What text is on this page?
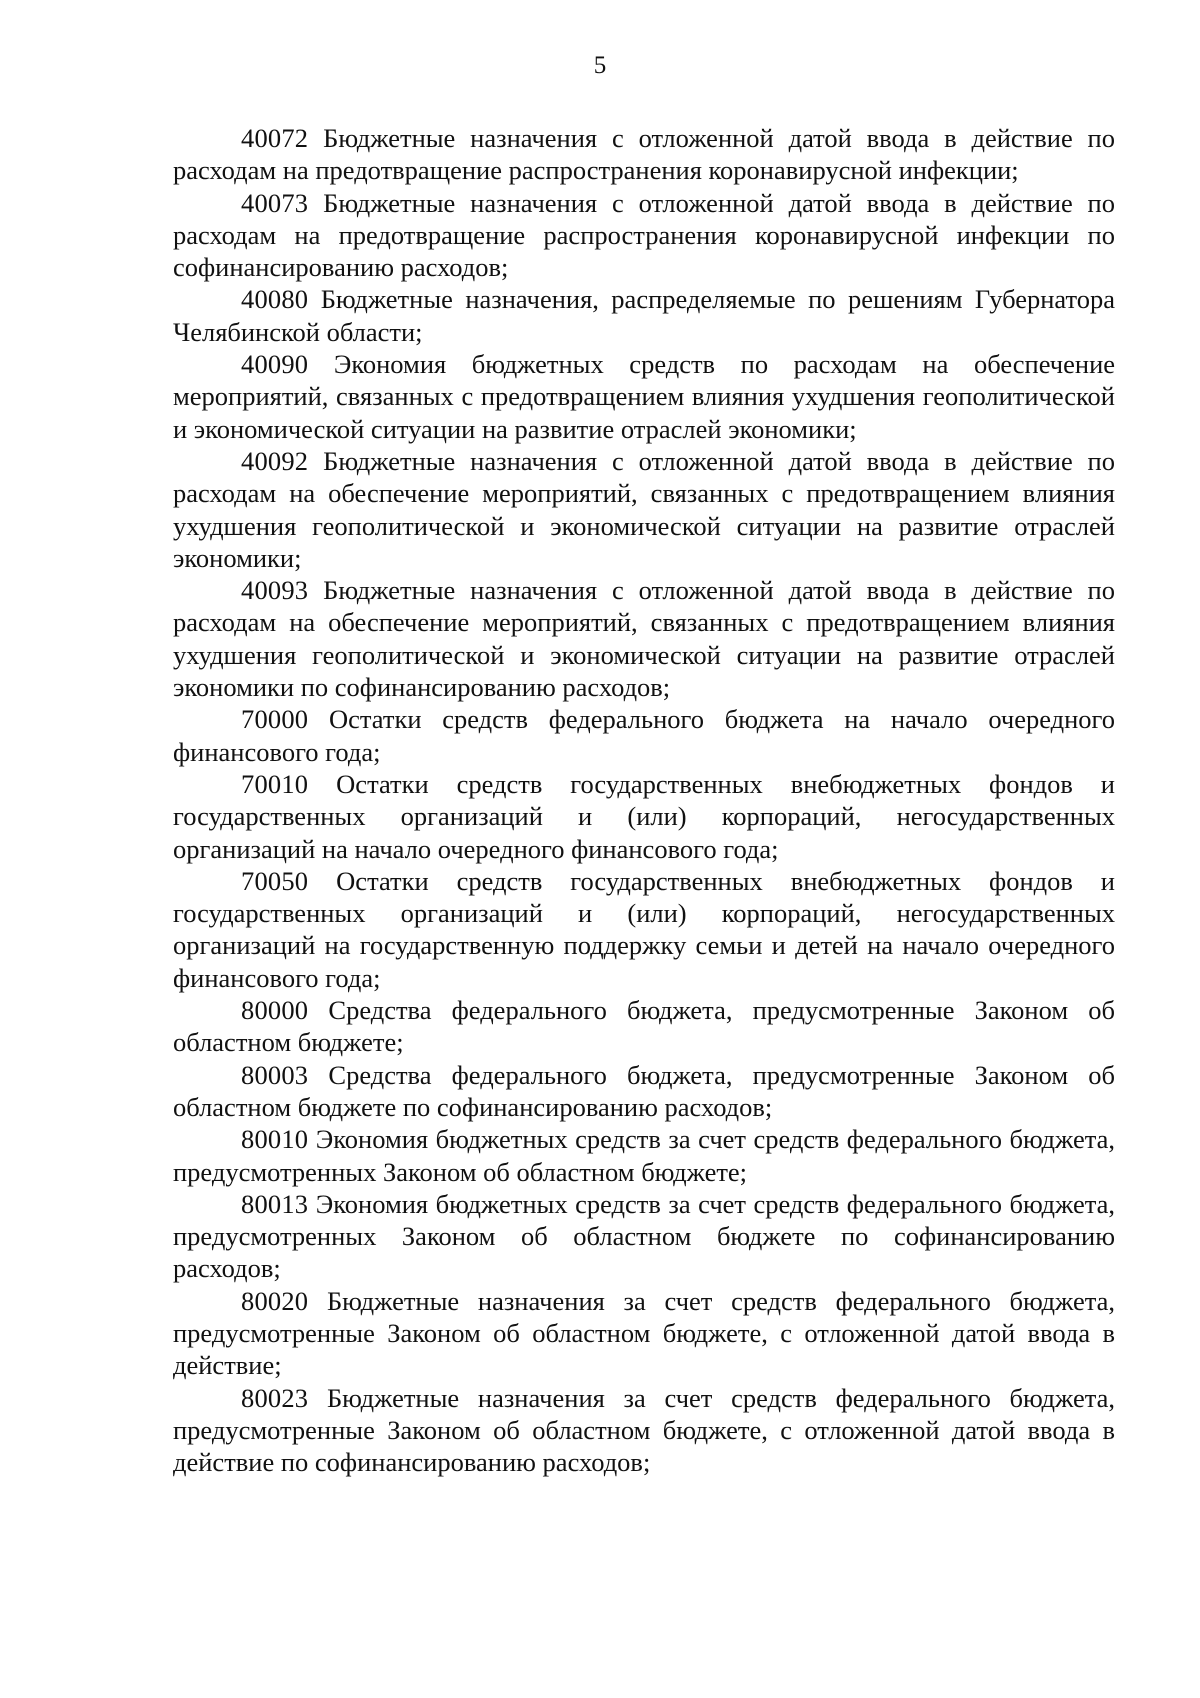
5

40072 Бюджетные назначения с отложенной датой ввода в действие по расходам на предотвращение распространения коронавирусной инфекции;

40073 Бюджетные назначения с отложенной датой ввода в действие по расходам на предотвращение распространения коронавирусной инфекции по софинансированию расходов;

40080 Бюджетные назначения, распределяемые по решениям Губернатора Челябинской области;

40090 Экономия бюджетных средств по расходам на обеспечение мероприятий, связанных с предотвращением влияния ухудшения геополитической и экономической ситуации на развитие отраслей экономики;

40092 Бюджетные назначения с отложенной датой ввода в действие по расходам на обеспечение мероприятий, связанных с предотвращением влияния ухудшения геополитической и экономической ситуации на развитие отраслей экономики;

40093 Бюджетные назначения с отложенной датой ввода в действие по расходам на обеспечение мероприятий, связанных с предотвращением влияния ухудшения геополитической и экономической ситуации на развитие отраслей экономики по софинансированию расходов;

70000 Остатки средств федерального бюджета на начало очередного финансового года;

70010 Остатки средств государственных внебюджетных фондов и государственных организаций и (или) корпораций, негосударственных организаций на начало очередного финансового года;

70050 Остатки средств государственных внебюджетных фондов и государственных организаций и (или) корпораций, негосударственных организаций на государственную поддержку семьи и детей на начало очередного финансового года;

80000 Средства федерального бюджета, предусмотренные Законом об областном бюджете;

80003 Средства федерального бюджета, предусмотренные Законом об областном бюджете по софинансированию расходов;

80010 Экономия бюджетных средств за счет средств федерального бюджета, предусмотренных Законом об областном бюджете;

80013 Экономия бюджетных средств за счет средств федерального бюджета, предусмотренных Законом об областном бюджете по софинансированию расходов;

80020 Бюджетные назначения за счет средств федерального бюджета, предусмотренные Законом об областном бюджете, с отложенной датой ввода в действие;

80023 Бюджетные назначения за счет средств федерального бюджета, предусмотренные Законом об областном бюджете, с отложенной датой ввода в действие по софинансированию расходов;
